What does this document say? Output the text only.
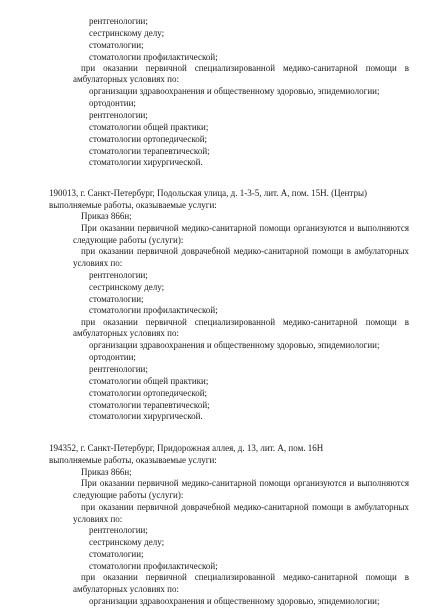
рентгенологии;
сестринскому делу;
стоматологии;
стоматологии профилактической;
при оказании первичной специализированной медико-санитарной помощи в
амбулаторных условиях по:
организации здравоохранения и общественному здоровью, эпидемиологии;
ортодонтии;
рентгенологии;
стоматологии общей практики;
стоматологии ортопедической;
стоматологии терапевтической;
стоматологии хирургической.
190013, г. Санкт-Петербург, Подольская улица, д. 1-3-5, лит. А, пом. 15Н. (Центры)
выполняемые работы, оказываемые услуги:
Приказ 866н;
При оказании первичной медико-санитарной помощи организуются и выполняются
следующие работы (услуги):
при оказании первичной доврачебной медико-санитарной помощи в амбулаторных
условиях по:
рентгенологии;
сестринскому делу;
стоматологии;
стоматологии профилактической;
при оказании первичной специализированной медико-санитарной помощи в
амбулаторных условиях по:
организации здравоохранения и общественному здоровью, эпидемиологии;
ортодонтии;
рентгенологии;
стоматологии общей практики;
стоматологии ортопедической;
стоматологии терапевтической;
стоматологии хирургической.
194352, г. Санкт-Петербург, Придорожная аллея, д. 13, лит. А, пом. 16Н
выполняемые работы, оказываемые услуги:
Приказ 866н;
При оказании первичной медико-санитарной помощи организуются и выполняются
следующие работы (услуги):
при оказании первичной доврачебной медико-санитарной помощи в амбулаторных
условиях по:
рентгенологии;
сестринскому делу;
стоматологии;
стоматологии профилактической;
при оказании первичной специализированной медико-санитарной помощи в
амбулаторных условиях по:
организации здравоохранения и общественному здоровью, эпидемиологии;
